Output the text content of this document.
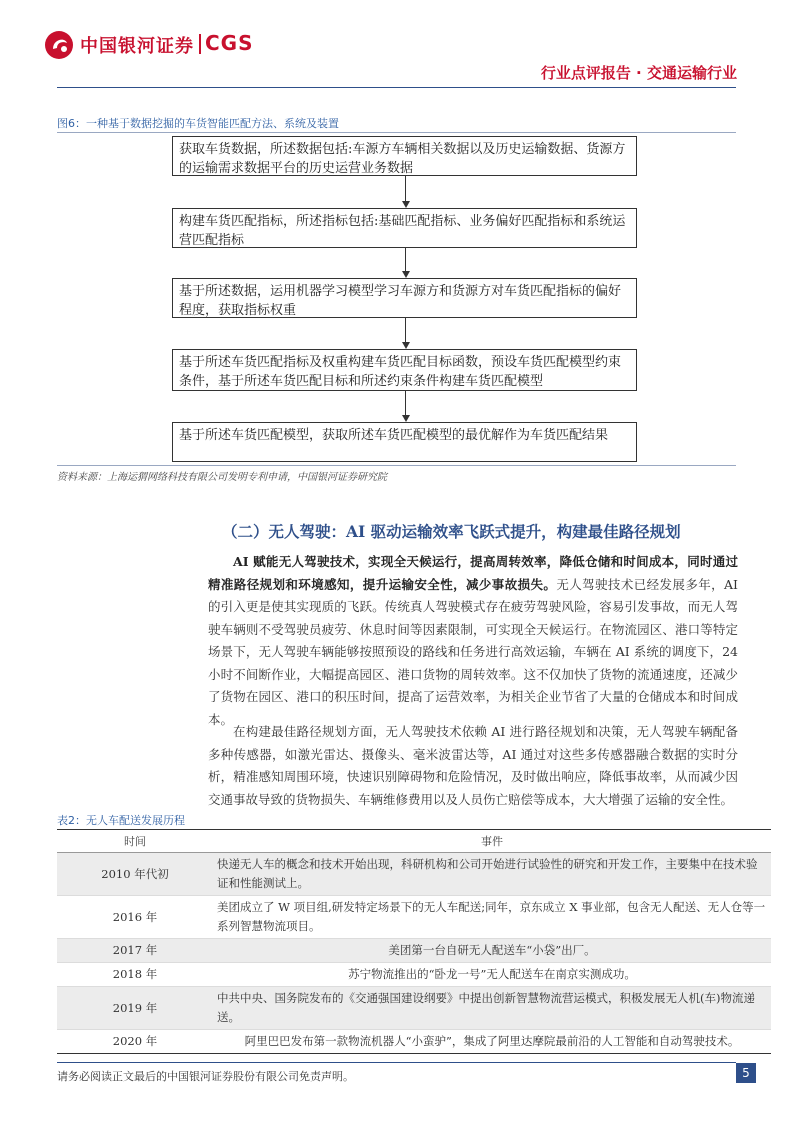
中国银河证券 CGS
行业点评报告 · 交通运输行业
图6：一种基于数据挖掘的车货智能匹配方法、系统及装置
获取车货数据，所述数据包括:车源方车辆相关数据以及历史运输数据、货源方的运输需求数据平台的历史运营业务数据
构建车货匹配指标，所述指标包括:基础匹配指标、业务偏好匹配指标和系统运营匹配指标
基于所述数据，运用机器学习模型学习车源方和货源方对车货匹配指标的偏好程度，获取指标权重
基于所述车货匹配指标及权重构建车货匹配目标函数，预设车货匹配模型约束条件，基于所述车货匹配目标和所述约束条件构建车货匹配模型
基于所述车货匹配模型，获取所述车货匹配模型的最优解作为车货匹配结果
资料来源：上海运猬网络科技有限公司发明专利申请，中国银河证券研究院
（二）无人驾驶：AI 驱动运输效率飞跃式提升，构建最佳路径规划
AI 赋能无人驾驶技术，实现全天候运行，提高周转效率，降低仓储和时间成本，同时通过精准路径规划和环境感知，提升运输安全性，减少事故损失。无人驾驶技术已经发展多年，AI 的引入更是使其实现质的飞跃。传统真人驾驶模式存在疲劳驾驶风险，容易引发事故，而无人驾驶车辆则不受驾驶员疲劳、休息时间等因素限制，可实现全天候运行。在物流园区、港口等特定场景下，无人驾驶车辆能够按照预设的路线和任务进行高效运输，车辆在 AI 系统的调度下，24 小时不间断作业，大幅提高园区、港口货物的周转效率。这不仅加快了货物的流通速度，还减少了货物在园区、港口的积压时间，提高了运营效率，为相关企业节省了大量的仓储成本和时间成本。
在构建最佳路径规划方面，无人驾驶技术依赖 AI 进行路径规划和决策，无人驾驶车辆配备多种传感器，如激光雷达、摄像头、毫米波雷达等，AI 通过对这些多传感器融合数据的实时分析，精准感知周围环境，快速识别障碍物和危险情况，及时做出响应，降低事故率，从而减少因交通事故导致的货物损失、车辆维修费用以及人员伤亡赔偿等成本，大大增强了运输的安全性。
表2：无人车配送发展历程
时间	事件
2010 年代初	快递无人车的概念和技术开始出现，科研机构和公司开始进行试验性的研究和开发工作，主要集中在技术验证和性能测试上。
2016 年	美团成立了 W 项目组,研发特定场景下的无人车配送;同年，京东成立 X 事业部，包含无人配送、无人仓等一系列智慧物流项目。
2017 年	美团第一台自研无人配送车“小袋”出厂。
2018 年	苏宁物流推出的“卧龙一号”无人配送车在南京实测成功。
2019 年	中共中央、国务院发布的《交通强国建设纲要》中提出创新智慧物流营运模式，积极发展无人机(车)物流递送。
2020 年	阿里巴巴发布第一款物流机器人“小蛮驴”，集成了阿里达摩院最前沿的人工智能和自动驾驶技术。
请务必阅读正文最后的中国银河证券股份有限公司免责声明。	5
